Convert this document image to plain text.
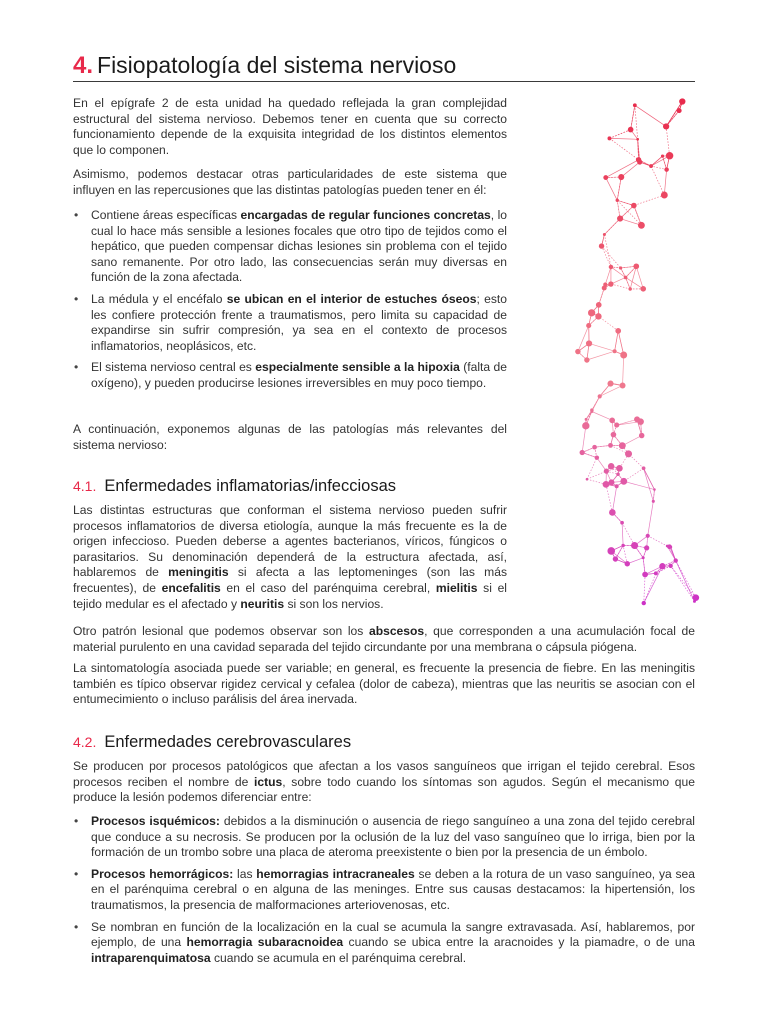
4. Fisiopatología del sistema nervioso

En el epígrafe 2 de esta unidad ha quedado reflejada la gran complejidad estructural del sistema nervioso. Debemos tener en cuenta que su correcto funcionamiento depende de la exquisita integridad de los distintos elementos que lo componen.

Asimismo, podemos destacar otras particularidades de este sistema que influyen en las repercusiones que las distintas patologías pueden tener en él:

• Contiene áreas específicas encargadas de regular funciones concretas, lo cual lo hace más sensible a lesiones focales que otro tipo de tejidos como el hepático, que pueden compensar dichas lesiones sin problema con el tejido sano remanente. Por otro lado, las consecuencias serán muy diversas en función de la zona afectada.
• La médula y el encéfalo se ubican en el interior de estuches óseos; esto les confiere protección frente a traumatismos, pero limita su capacidad de expandirse sin sufrir compresión, ya sea en el contexto de procesos inflamatorios, neoplásicos, etc.
• El sistema nervioso central es especialmente sensible a la hipoxia (falta de oxígeno), y pueden producirse lesiones irreversibles en muy poco tiempo.

A continuación, exponemos algunas de las patologías más relevantes del sistema nervioso:

4.1. Enfermedades inflamatorias/infecciosas

Las distintas estructuras que conforman el sistema nervioso pueden sufrir procesos inflamatorios de diversa etiología, aunque la más frecuente es la de origen infeccioso. Pueden deberse a agentes bacterianos, víricos, fúngicos o parasitarios. Su denominación dependerá de la estructura afectada, así, hablaremos de meningitis si afecta a las leptomeninges (son las más frecuentes), de encefalitis en el caso del parénquima cerebral, mielitis si el tejido medular es el afectado y neuritis si son los nervios.

Otro patrón lesional que podemos observar son los abscesos, que corresponden a una acumulación focal de material purulento en una cavidad separada del tejido circundante por una membrana o cápsula piógena.

La sintomatología asociada puede ser variable; en general, es frecuente la presencia de fiebre. En las meningitis también es típico observar rigidez cervical y cefalea (dolor de cabeza), mientras que las neuritis se asocian con el entumecimiento o incluso parálisis del área inervada.

4.2. Enfermedades cerebrovasculares

Se producen por procesos patológicos que afectan a los vasos sanguíneos que irrigan el tejido cerebral. Esos procesos reciben el nombre de ictus, sobre todo cuando los síntomas son agudos. Según el mecanismo que produce la lesión podemos diferenciar entre:

• Procesos isquémicos: debidos a la disminución o ausencia de riego sanguíneo a una zona del tejido cerebral que conduce a su necrosis. Se producen por la oclusión de la luz del vaso sanguíneo que lo irriga, bien por la formación de un trombo sobre una placa de ateroma preexistente o bien por la presencia de un émbolo.
• Procesos hemorrágicos: las hemorragias intracraneales se deben a la rotura de un vaso sanguíneo, ya sea en el parénquima cerebral o en alguna de las meninges. Entre sus causas destacamos: la hipertensión, los traumatismos, la presencia de malformaciones arteriovenosas, etc.
• Se nombran en función de la localización en la cual se acumula la sangre extravasada. Así, hablaremos, por ejemplo, de una hemorragia subaracnoidea cuando se ubica entre la aracnoides y la piamadre, o de una intraparenquimatosa cuando se acumula en el parénquima cerebral.
